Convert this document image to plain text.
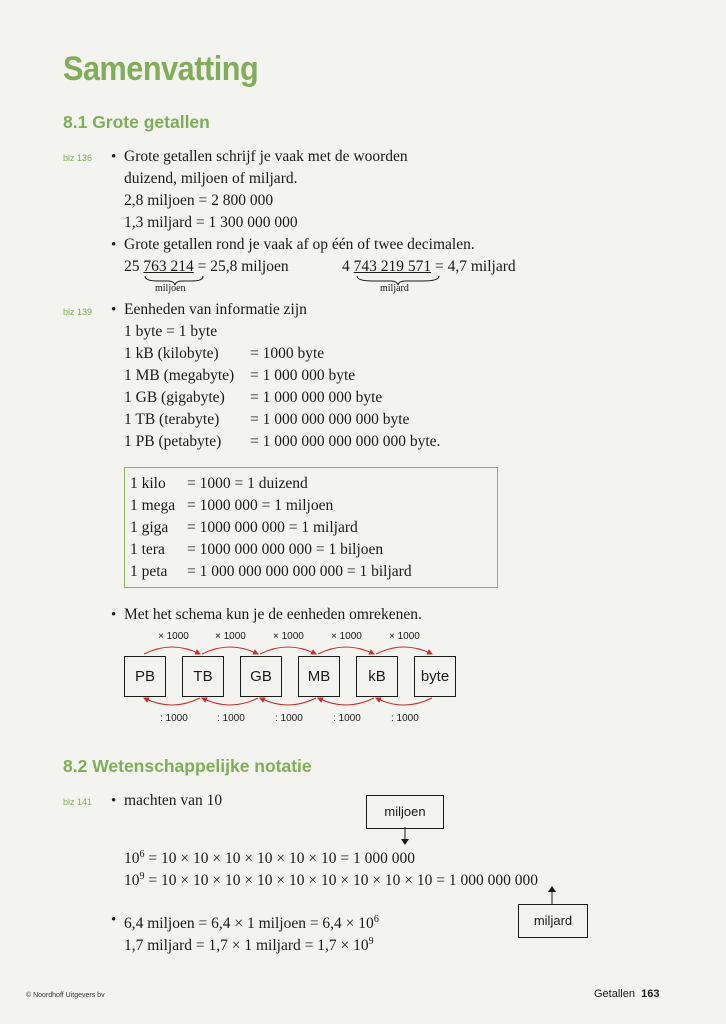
Samenvatting
8.1 Grote getallen
blz 136 • Grote getallen schrijf je vaak met de woorden
duizend, miljoen of miljard.
2,8 miljoen = 2 800 000
1,3 miljard = 1 300 000 000
• Grote getallen rond je vaak af op één of twee decimalen.
25 763 214 = 25,8 miljoen	4 743 219 571 = 4,7 miljard
miljoen	miljard
blz 139 • Eenheden van informatie zijn
1 byte = 1 byte
1 kB (kilobyte) = 1000 byte
1 MB (megabyte) = 1 000 000 byte
1 GB (gigabyte) = 1 000 000 000 byte
1 TB (terabyte) = 1 000 000 000 000 byte
1 PB (petabyte) = 1 000 000 000 000 000 byte.
1 kilo = 1000 = 1 duizend
1 mega = 1000 000 = 1 miljoen
1 giga = 1000 000 000 = 1 miljard
1 tera = 1000 000 000 000 = 1 biljoen
1 peta = 1 000 000 000 000 000 = 1 biljard
• Met het schema kun je de eenheden omrekenen.
× 1000	× 1000	× 1000	× 1000	× 1000
PB	TB	GB	MB	kB	byte
: 1000	: 1000	: 1000	: 1000	: 1000
8.2 Wetenschappelijke notatie
blz 141 • machten van 10
miljoen
$10^6 = 10 \times 10 \times 10 \times 10 \times 10 \times 10 = 1$ 000 000
$10^9 = 10 \times 10 \times 10 \times 10 \times 10 \times 10 \times 10 \times 10 \times 10 = 1$ 000 000 000
miljard
• 6,4 miljoen = 6,4 × 1 miljoen = $6,4 \times 10^6$
1,7 miljard = 1,7 × 1 miljard = $1,7 \times 10^9$
© Noordhoff Uitgevers bv	Getallen 163
